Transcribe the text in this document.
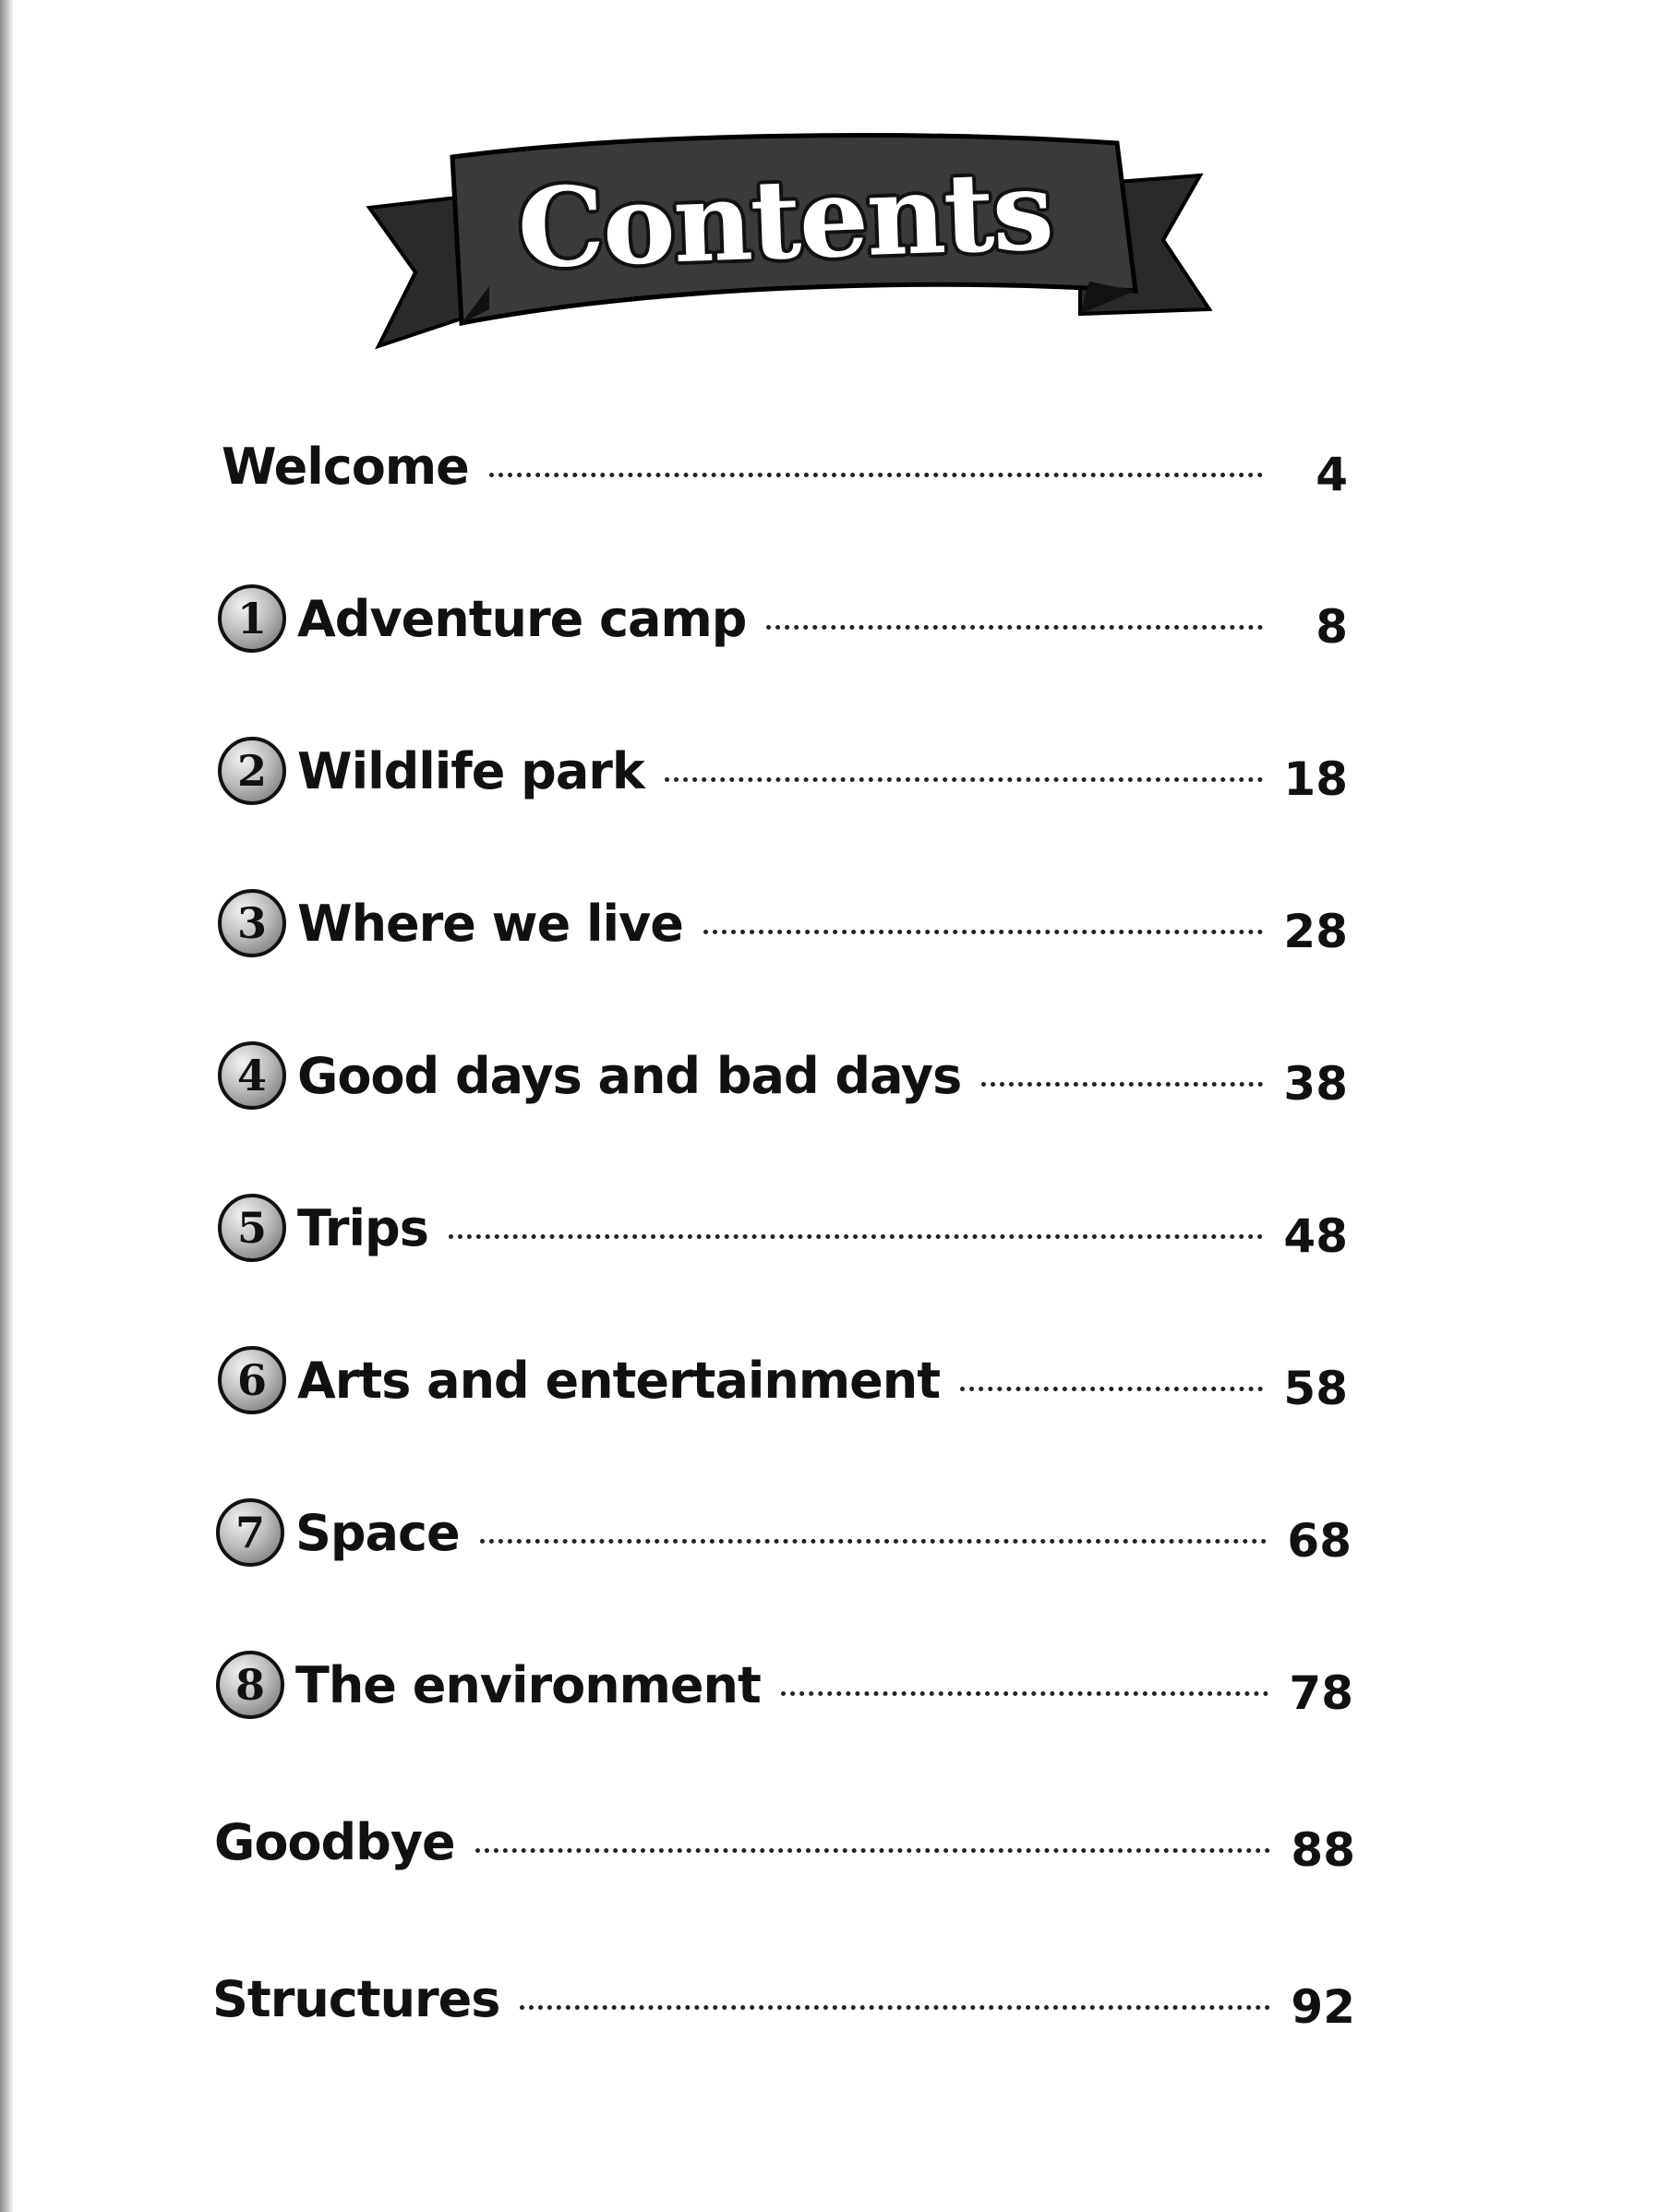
Contents
Welcome	4
1 Adventure camp	8
2 Wildlife park	18
3 Where we live	28
4 Good days and bad days	38
5 Trips	48
6 Arts and entertainment	58
7 Space	68
8 The environment	78
Goodbye	88
Structures	92
